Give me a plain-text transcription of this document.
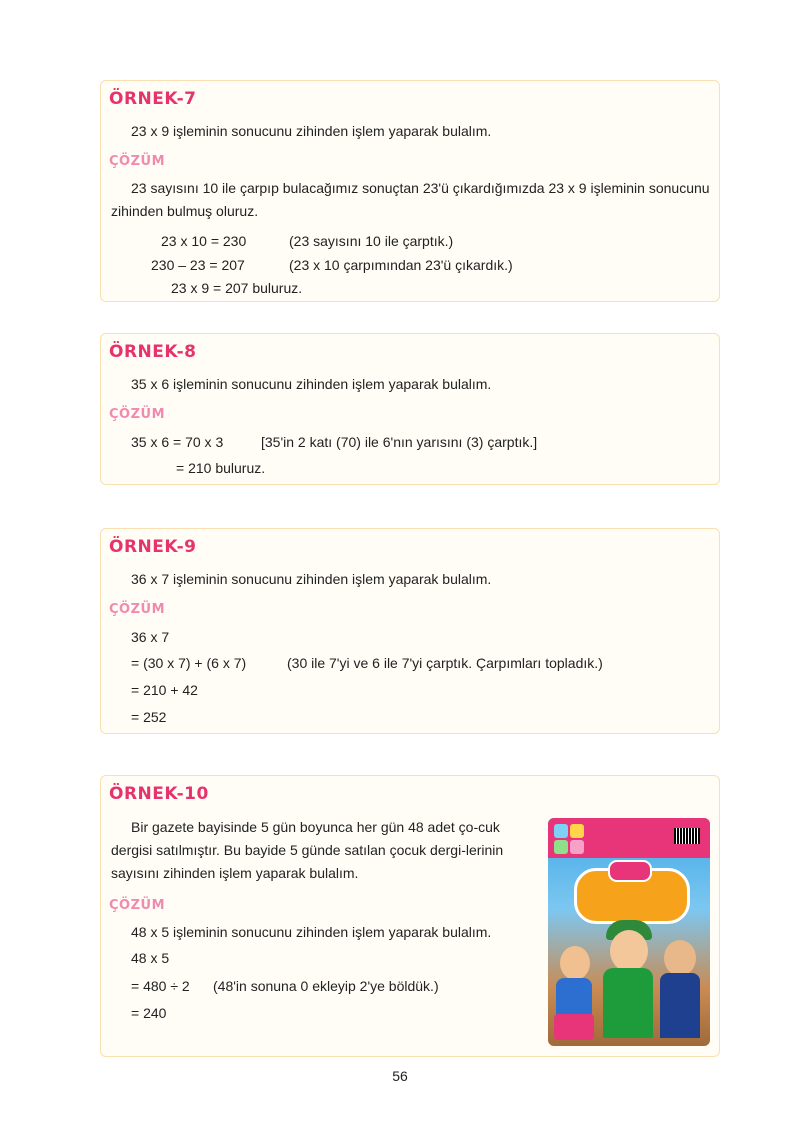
ÖRNEK-7
23 x 9 işleminin sonucunu zihinden işlem yaparak bulalım.
ÇÖZÜM
23 sayısını 10 ile çarpıp bulacağımız sonuçtan 23'ü çıkardığımızda 23 x 9 işleminin sonucunu zihinden bulmuş oluruz.
23 x 10 = 230	(23 sayısını 10 ile çarptık.)
230 – 23 = 207	(23 x 10 çarpımından 23'ü çıkardık.)
23 x 9 = 207 buluruz.
ÖRNEK-8
35 x 6 işleminin sonucunu zihinden işlem yaparak bulalım.
ÇÖZÜM
35 x 6 = 70 x 3	[35'in 2 katı (70) ile 6'nın yarısını (3) çarptık.]
= 210 buluruz.
ÖRNEK-9
36 x 7 işleminin sonucunu zihinden işlem yaparak bulalım.
ÇÖZÜM
36 x 7
= (30 x 7) + (6 x 7)	(30 ile 7'yi ve 6 ile 7'yi çarptık. Çarpımları topladık.)
= 210 + 42
= 252
ÖRNEK-10
Bir gazete bayisinde 5 gün boyunca her gün 48 adet ço-cuk dergisi satılmıştır. Bu bayide 5 günde satılan çocuk dergi-lerinin sayısını zihinden işlem yaparak bulalım.
ÇÖZÜM
48 x 5 işleminin sonucunu zihinden işlem yaparak bulalım.
48 x 5
= 480 ÷ 2 (48'in sonuna 0 ekleyip 2'ye böldük.)
= 240
56
